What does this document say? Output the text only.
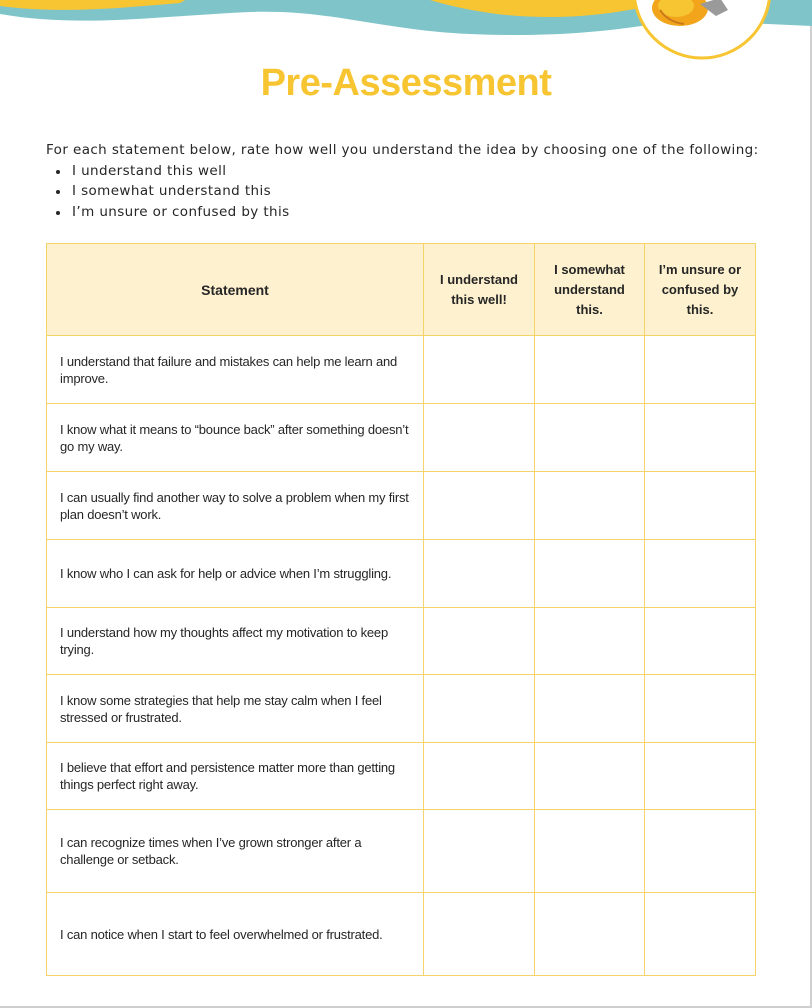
Pre-Assessment
For each statement below, rate how well you understand the idea by choosing one of the following:
• I understand this well
• I somewhat understand this
• I’m unsure or confused by this
Statement	I understand this well!	I somewhat understand this.	I’m unsure or confused by this.
I understand that failure and mistakes can help me learn and improve.			
I know what it means to “bounce back” after something doesn’t go my way.			
I can usually find another way to solve a problem when my first plan doesn’t work.			
I know who I can ask for help or advice when I’m struggling.			
I understand how my thoughts affect my motivation to keep trying.			
I know some strategies that help me stay calm when I feel stressed or frustrated.			
I believe that effort and persistence matter more than getting things perfect right away.			
I can recognize times when I’ve grown stronger after a challenge or setback.			
I can notice when I start to feel overwhelmed or frustrated.			
